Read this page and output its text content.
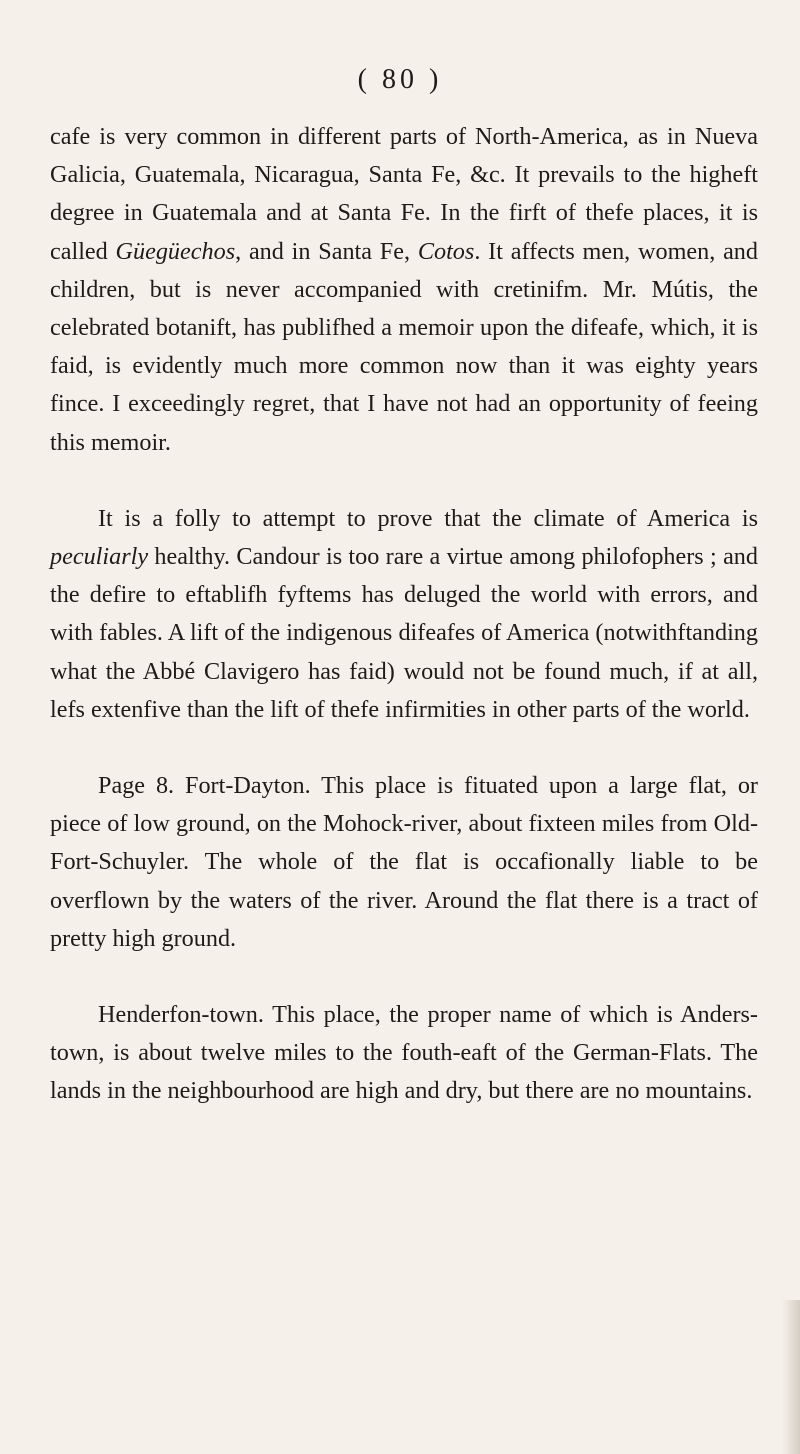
( 80 )

cafe is very common in different parts of North-America, as in Nueva Galicia, Guatemala, Nicaragua, Santa Fe, &c. It prevails to the higheft degree in Guatemala and at Santa Fe. In the firft of thefe places, it is called Güegüechos, and in Santa Fe, Cotos. It affects men, women, and children, but is never accompanied with cretinifm. Mr. Mútis, the celebrated botanift, has publifhed a memoir upon the difeafe, which, it is faid, is evidently much more common now than it was eighty years fince. I exceedingly regret, that I have not had an opportunity of feeing this memoir.

It is a folly to attempt to prove that the climate of America is peculiarly healthy. Candour is too rare a virtue among philofophers ; and the defire to eftablifh fyftems has deluged the world with errors, and with fables. A lift of the indigenous difeafes of America (notwithftanding what the Abbé Clavigero has faid) would not be found much, if at all, lefs extenfive than the lift of thefe infirmities in other parts of the world.

Page 8. Fort-Dayton. This place is fituated upon a large flat, or piece of low ground, on the Mohock-river, about fixteen miles from Old-Fort-Schuyler. The whole of the flat is occafionally liable to be overflown by the waters of the river. Around the flat there is a tract of pretty high ground.

Henderfon-town. This place, the proper name of which is Anders-town, is about twelve miles to the fouth-eaft of the German-Flats. The lands in the neighbourhood are high and dry, but there are no mountains.
